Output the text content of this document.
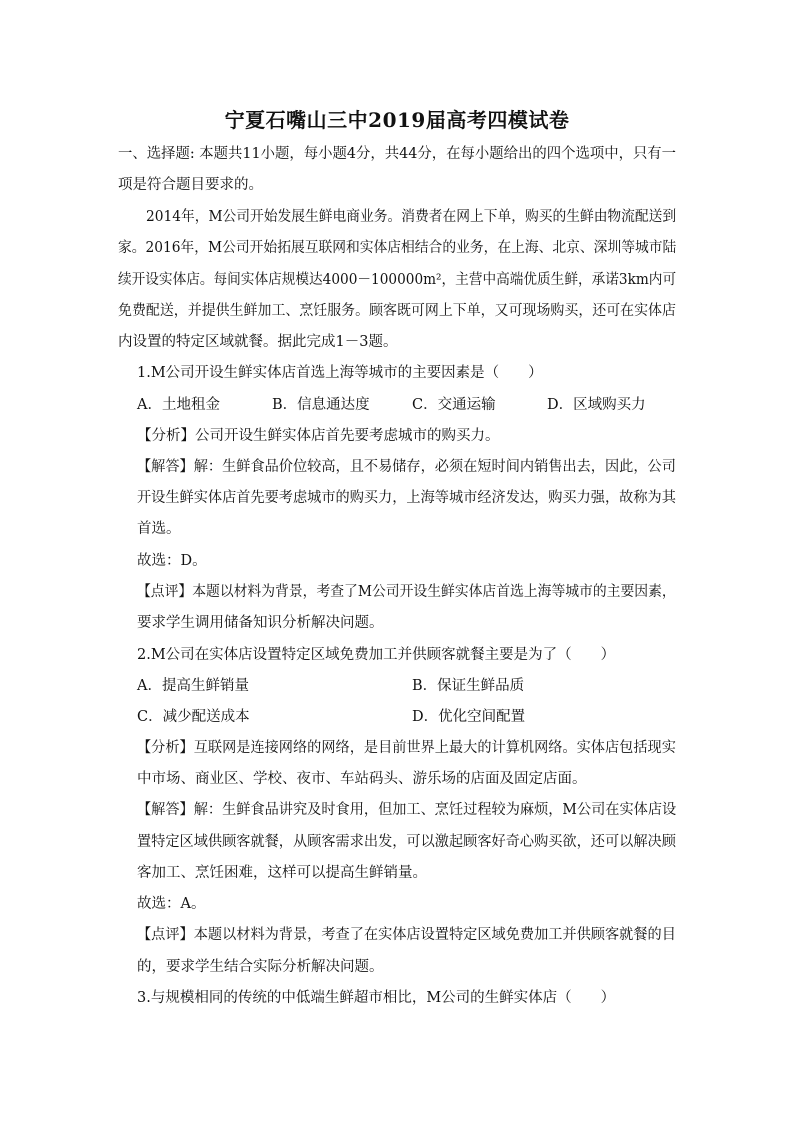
宁夏石嘴山三中2019届高考四模试卷
一、选择题: 本题共11小题，每小题4分，共44分，在每小题给出的四个选项中，只有一
项是符合题目要求的。
2014年，M公司开始发展生鲜电商业务。消费者在网上下单，购买的生鲜由物流配送到
家。2016年，M公司开始拓展互联网和实体店相结合的业务，在上海、北京、深圳等城市陆
续开设实体店。每间实体店规模达4000－100000m²，主营中高端优质生鲜，承诺3km内可
免费配送，并提供生鲜加工、烹饪服务。顾客既可网上下单，又可现场购买，还可在实体店
内设置的特定区域就餐。据此完成1－3题。
1.M公司开设生鲜实体店首选上海等城市的主要因素是（　　）
A．土地租金	B．信息通达度	C．交通运输	D．区域购买力
【分析】公司开设生鲜实体店首先要考虑城市的购买力。
【解答】解：生鲜食品价位较高，且不易储存，必须在短时间内销售出去，因此，公司
开设生鲜实体店首先要考虑城市的购买力，上海等城市经济发达，购买力强，故称为其
首选。
故选：D。
【点评】本题以材料为背景，考查了M公司开设生鲜实体店首选上海等城市的主要因素，
要求学生调用储备知识分析解决问题。
2.M公司在实体店设置特定区域免费加工并供顾客就餐主要是为了（　　）
A．提高生鲜销量	B．保证生鲜品质
C．减少配送成本	D．优化空间配置
【分析】互联网是连接网络的网络，是目前世界上最大的计算机网络。实体店包括现实
中市场、商业区、学校、夜市、车站码头、游乐场的店面及固定店面。
【解答】解：生鲜食品讲究及时食用，但加工、烹饪过程较为麻烦，M公司在实体店设
置特定区域供顾客就餐，从顾客需求出发，可以激起顾客好奇心购买欲，还可以解决顾
客加工、烹饪困难，这样可以提高生鲜销量。
故选：A。
【点评】本题以材料为背景，考查了在实体店设置特定区域免费加工并供顾客就餐的目
的，要求学生结合实际分析解决问题。
3.与规模相同的传统的中低端生鲜超市相比，M公司的生鲜实体店（　　）
